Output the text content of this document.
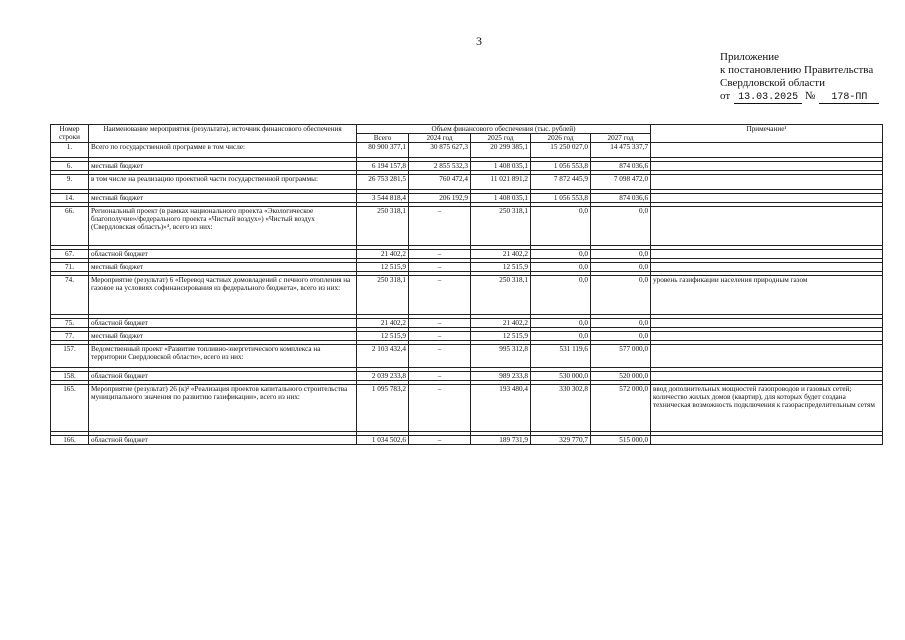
3
Приложение
к постановлению Правительства
Свердловской области
от 13.03.2025 № 178-ПП
Номер строки	Наименование мероприятия (результата), источник финансового обеспечения	Объем финансового обеспечения (тыс. рублей)					Примечание¹
		Всего	2024 год	2025 год	2026 год	2027 год	
1.	Всего по государственной программе в том числе:	80 900 377,1	30 875 627,3	20 299 385,1	15 250 027,0	14 475 337,7	

6.	местный бюджет	6 194 157,8	2 855 532,3	1 408 035,1	1 056 553,8	874 036,6	

9.	в том числе на реализацию проектной части государственной программы:	26 753 281,5	760 472,4	11 021 891,2	7 872 445,9	7 098 472,0	

14.	местный бюджет	3 544 818,4	206 192,9	1 408 035,1	1 056 553,8	874 036,6	

66.	Региональный проект (в рамках национального проекта «Экологическое благополучие»/федерального проекта «Чистый воздух») «Чистый воздух (Свердловская область)»⁴, всего из них:	250 318,1	–	250 318,1	0,0	0,0	

67.	областной бюджет	21 402,2	–	21 402,2	0,0	0,0	

71.	местный бюджет	12 515,9	–	12 515,9	0,0	0,0	

74.	Мероприятие (результат) 6 «Перевод частных домовладений с печного отопления на газовое на условиях софинансирования из федерального бюджета», всего из них:	250 318,1	–	250 318,1	0,0	0,0	уровень газификации населения природным газом

75.	областной бюджет	21 402,2	–	21 402,2	0,0	0,0	

77.	местный бюджет	12 515,9	–	12 515,9	0,0	0,0	

157.	Ведомственный проект «Развитие топливно-энергетического комплекса на территории Свердловской области», всего из них:	2 103 432,4	–	995 312,8	531 119,6	577 000,0	

158.	областной бюджет	2 039 233,8	–	989 233,8	530 000,0	520 000,0	

165.	Мероприятие (результат) 26 (к)² «Реализация проектов капитального строительства муниципального значения по развитию газификации», всего из них:	1 095 783,2	–	193 480,4	330 302,8	572 000,0	ввод дополнительных мощностей газопроводов и газовых сетей; количество жилых домов (квартир), для которых будет создана техническая возможность подключения к газораспределительным сетям

166.	областной бюджет	1 034 502,6	–	189 731,9	329 770,7	515 000,0	
